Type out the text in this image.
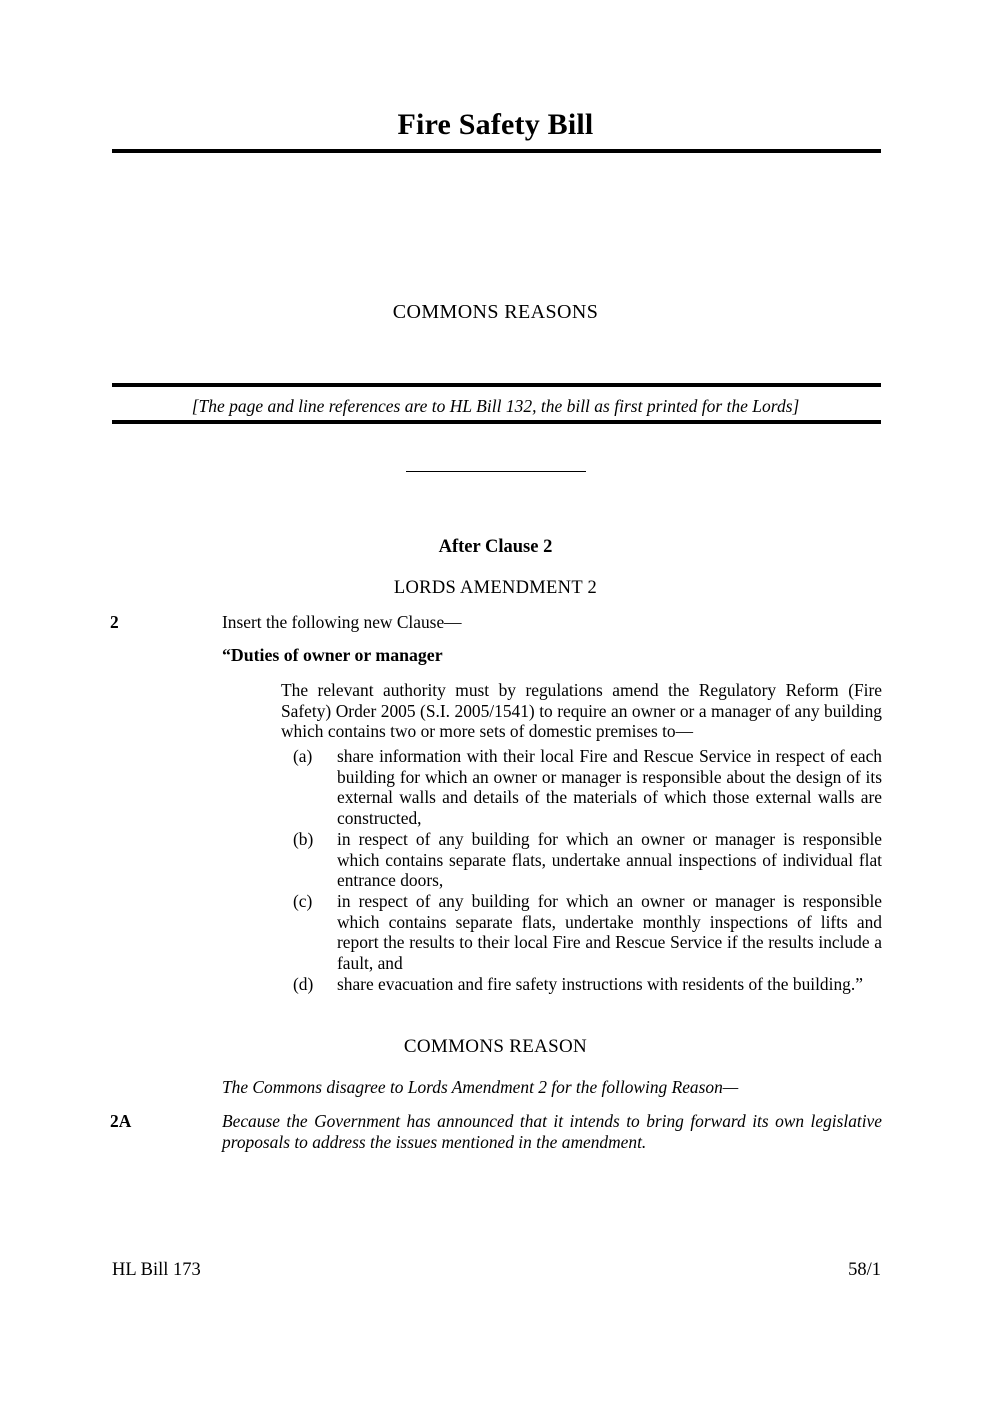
Fire Safety Bill
COMMONS REASONS
[The page and line references are to HL Bill 132, the bill as first printed for the Lords]
After Clause 2
LORDS AMENDMENT 2
2	Insert the following new Clause—
“Duties of owner or manager

The relevant authority must by regulations amend the Regulatory Reform (Fire Safety) Order 2005 (S.I. 2005/1541) to require an owner or a manager of any building which contains two or more sets of domestic premises to—

(a)	share information with their local Fire and Rescue Service in respect of each building for which an owner or manager is responsible about the design of its external walls and details of the materials of which those external walls are constructed,
(b)	in respect of any building for which an owner or manager is responsible which contains separate flats, undertake annual inspections of individual flat entrance doors,
(c)	in respect of any building for which an owner or manager is responsible which contains separate flats, undertake monthly inspections of lifts and report the results to their local Fire and Rescue Service if the results include a fault, and
(d)	share evacuation and fire safety instructions with residents of the building.”
COMMONS REASON
The Commons disagree to Lords Amendment 2 for the following Reason—
2A	Because the Government has announced that it intends to bring forward its own legislative proposals to address the issues mentioned in the amendment.
HL Bill 173	58/1
